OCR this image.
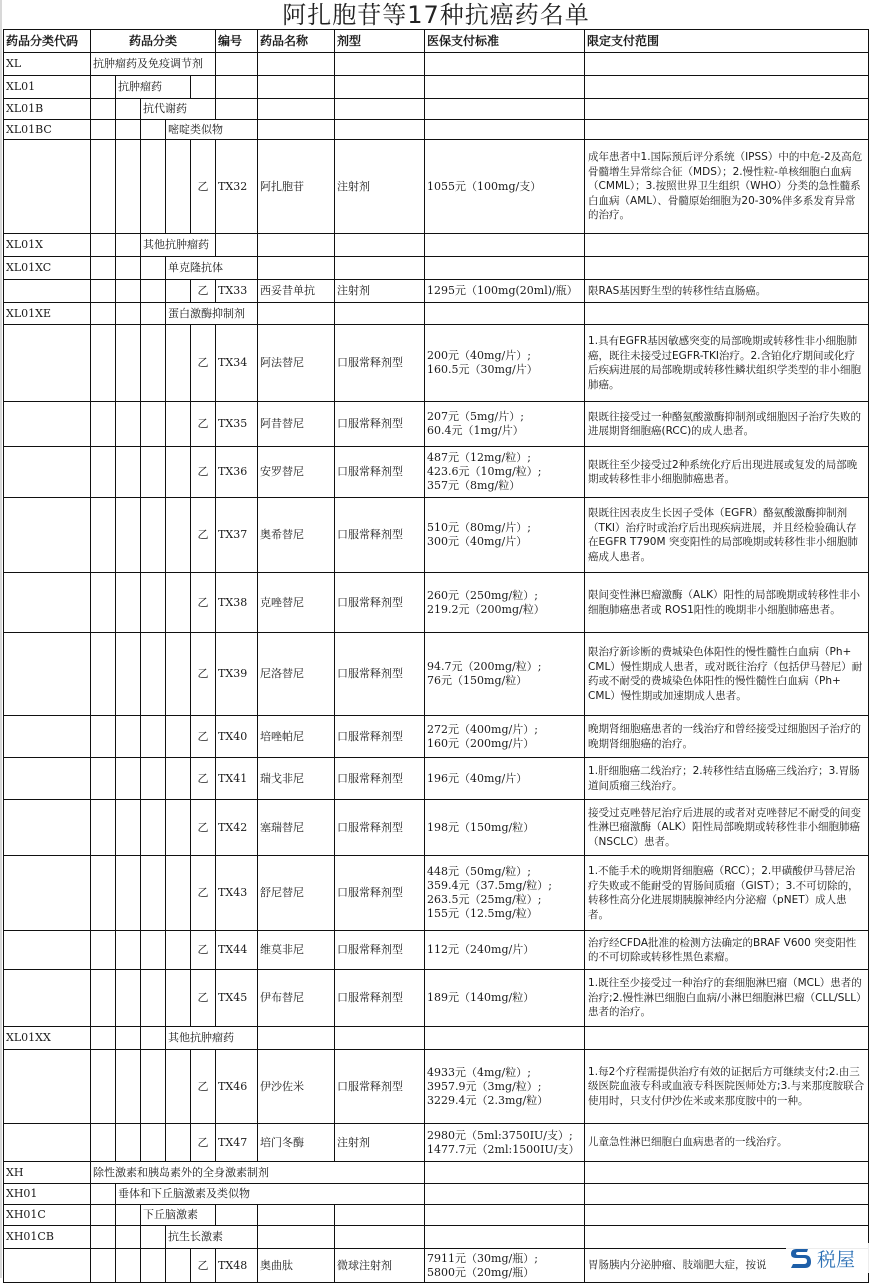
阿扎胞苷等17种抗癌药名单
药品分类代码	药品分类					编号	药品名称	剂型	医保支付标准	限定支付范围
XL	抗肿瘤药及免疫调节剂									
XL01		抗肿瘤药								
XL01B			抗代谢药							
XL01BC				嘧啶类似物						
					乙	TX32	阿扎胞苷	注射剂	1055元（100mg/支）	成年患者中1.国际预后评分系统（IPSS）中的中危-2及高危骨髓增生异常综合征（MDS）；2.慢性粒-单核细胞白血病（CMML）；3.按照世界卫生组织（WHO）分类的急性髓系白血病（AML）、骨髓原始细胞为20-30%伴多系发育异常的治疗。
XL01X			其他抗肿瘤药							
XL01XC				单克隆抗体						
					乙	TX33	西妥昔单抗	注射剂	1295元（100mg(20ml)/瓶）	限RAS基因野生型的转移性结直肠癌。
XL01XE				蛋白激酶抑制剂						
					乙	TX34	阿法替尼	口服常释剂型	200元（40mg/片）;
160.5元（30mg/片）	1.具有EGFR基因敏感突变的局部晚期或转移性非小细胞肺癌，既往未接受过EGFR-TKI治疗。2.含铂化疗期间或化疗后疾病进展的局部晚期或转移性鳞状组织学类型的非小细胞肺癌。
					乙	TX35	阿昔替尼	口服常释剂型	207元（5mg/片）;
60.4元（1mg/片）	限既往接受过一种酪氨酸激酶抑制剂或细胞因子治疗失败的进展期肾细胞癌(RCC)的成人患者。
					乙	TX36	安罗替尼	口服常释剂型	487元（12mg/粒）;
423.6元（10mg/粒）;
357元（8mg/粒）	限既往至少接受过2种系统化疗后出现进展或复发的局部晚期或转移性非小细胞肺癌患者。
					乙	TX37	奥希替尼	口服常释剂型	510元（80mg/片）;
300元（40mg/片）	限既往因表皮生长因子受体（EGFR）酪氨酸激酶抑制剂（TKI）治疗时或治疗后出现疾病进展，并且经检验确认存在EGFR T790M 突变阳性的局部晚期或转移性非小细胞肺癌成人患者。
					乙	TX38	克唑替尼	口服常释剂型	260元（250mg/粒）;
219.2元（200mg/粒）	限间变性淋巴瘤激酶（ALK）阳性的局部晚期或转移性非小细胞肺癌患者或 ROS1阳性的晚期非小细胞肺癌患者。
					乙	TX39	尼洛替尼	口服常释剂型	94.7元（200mg/粒）;
76元（150mg/粒）	限治疗新诊断的费城染色体阳性的慢性髓性白血病（Ph+ CML）慢性期成人患者，或对既往治疗（包括伊马替尼）耐药或不耐受的费城染色体阳性的慢性髓性白血病（Ph+ CML）慢性期或加速期成人患者。
					乙	TX40	培唑帕尼	口服常释剂型	272元（400mg/片）;
160元（200mg/片）	晚期肾细胞癌患者的一线治疗和曾经接受过细胞因子治疗的晚期肾细胞癌的治疗。
					乙	TX41	瑞戈非尼	口服常释剂型	196元（40mg/片）	1.肝细胞癌二线治疗；2.转移性结直肠癌三线治疗；3.胃肠道间质瘤三线治疗。
					乙	TX42	塞瑞替尼	口服常释剂型	198元（150mg/粒）	接受过克唑替尼治疗后进展的或者对克唑替尼不耐受的间变性淋巴瘤激酶（ALK）阳性局部晚期或转移性非小细胞肺癌（NSCLC）患者。
					乙	TX43	舒尼替尼	口服常释剂型	448元（50mg/粒）;
359.4元（37.5mg/粒）;
263.5元（25mg/粒）;
155元（12.5mg/粒）	1.不能手术的晚期肾细胞癌（RCC）；2.甲磺酸伊马替尼治疗失败或不能耐受的胃肠间质瘤（GIST）；3.不可切除的，转移性高分化进展期胰腺神经内分泌瘤（pNET）成人患者。
					乙	TX44	维莫非尼	口服常释剂型	112元（240mg/片）	治疗经CFDA批准的检测方法确定的BRAF V600 突变阳性的不可切除或转移性黑色素瘤。
					乙	TX45	伊布替尼	口服常释剂型	189元（140mg/粒）	1.既往至少接受过一种治疗的套细胞淋巴瘤（MCL）患者的治疗;2.慢性淋巴细胞白血病/小淋巴细胞淋巴瘤（CLL/SLL）患者的治疗。
XL01XX				其他抗肿瘤药						
					乙	TX46	伊沙佐米	口服常释剂型	4933元（4mg/粒）;
3957.9元（3mg/粒）;
3229.4元（2.3mg/粒）	1.每2个疗程需提供治疗有效的证据后方可继续支付;2.由三级医院血液专科或血液专科医院医师处方;3.与来那度胺联合使用时，只支付伊沙佐米或来那度胺中的一种。
					乙	TX47	培门冬酶	注射剂	2980元（5ml:3750IU/支）;
1477.7元（2ml:1500IU/支）	儿童急性淋巴细胞白血病患者的一线治疗。
XH	除性激素和胰岛素外的全身激素制剂									
XH01		垂体和下丘脑激素及类似物								
XH01C			下丘脑激素							
XH01CB				抗生长激素						
					乙	TX48	奥曲肽	微球注射剂	7911元（30mg/瓶）;
5800元（20mg/瓶）	胃肠胰内分泌肿瘤、肢端肥大症，按说	税屋
